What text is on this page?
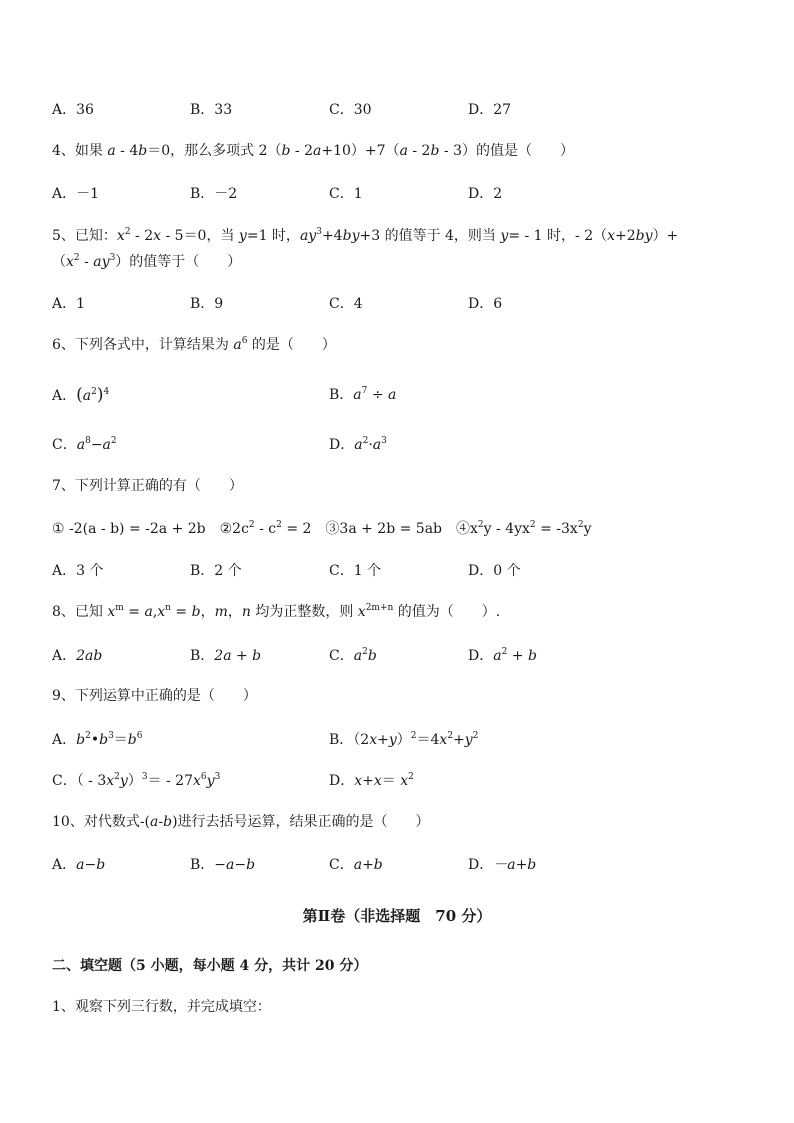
A．36	B．33	C．30	D．27
4、如果 a - 4b＝0，那么多项式 2（b - 2a+10）+7（a - 2b - 3）的值是（　　）
A．－1	B．－2	C．1	D．2
5、已知：$x^2 - 2x - 5=0$，当 y=1 时，$ay^3+4by+3$ 的值等于 4，则当 y= - 1 时，- 2（x+2by）+
$(x^2 - ay^3)$的值等于（　　）
A．1	B．9	C．4	D．6
6、下列各式中，计算结果为 $a^6$ 的是（　　）
A．$(a^2)^4$	B．$a^7 \div a$
C．$a^8-a^2$	D．$a^2\cdot a^3$
7、下列计算正确的有（　　）
① -2(a - b) = -2a + 2b　$②2c^2 - c^2 = 2$　③3a + 2b = 5ab　$④x^2y - 4yx^2 = -3x^2y$
A．3 个	B．2 个	C．1 个	D．0 个
8、已知 $x^m = a,x^n = b$，m，n 均为正整数，则 $x^{2m+n}$ 的值为（　　）.
A．2ab	B．2a + b	C．$a^2b$	D．$a^2 + b$
9、下列运算中正确的是（　　）
A．$b^2•b^3=b^6$	B．$(2x+y)^2=4x^2+y^2$
C．（ - $3x^2y)^3= - 27x^6y^3$	D．$x+x= x^2$
10、对代数式-(a-b)进行去括号运算，结果正确的是（　　）
A．a−b	B．−a−b	C．a+b	D．－a+b
第Ⅱ卷（非选择题　70 分）
二、填空题（5 小题，每小题 4 分，共计 20 分）
1、观察下列三行数，并完成填空：
